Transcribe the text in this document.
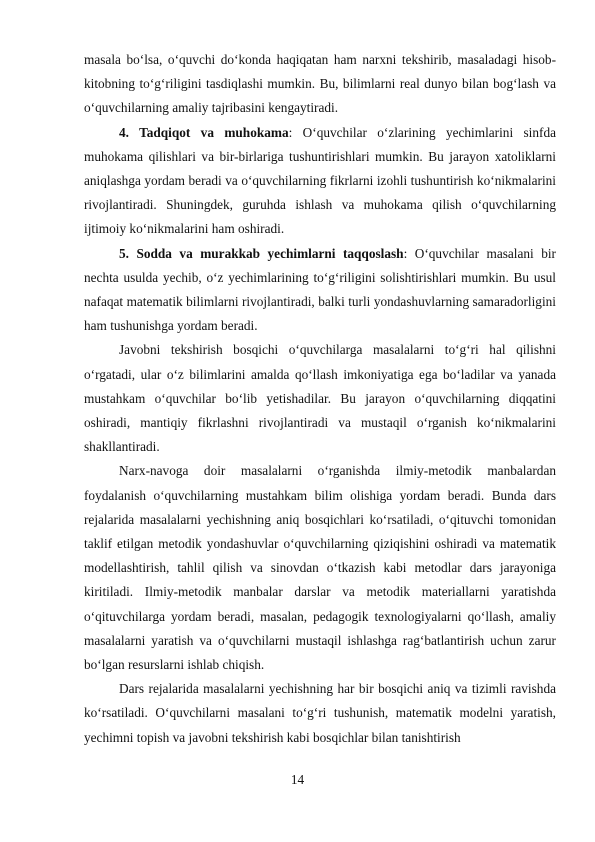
masala bo‘lsa, o‘quvchi do‘konda haqiqatan ham narxni tekshirib, masaladagi hisob-kitobning to‘g‘riligini tasdiqlashi mumkin. Bu, bilimlarni real dunyo bilan bog‘lash va o‘quvchilarning amaliy tajribasini kengaytiradi.

4. Tadqiqot va muhokama: O‘quvchilar o‘zlarining yechimlarini sinfda muhokama qilishlari va bir-birlariga tushuntirishlari mumkin. Bu jarayon xatoliklarni aniqlashga yordam beradi va o‘quvchilarning fikrlarni izohli tushuntirish ko‘nikmalarini rivojlantiradi. Shuningdek, guruhda ishlash va muhokama qilish o‘quvchilarning ijtimoiy ko‘nikmalarini ham oshiradi.

5. Sodda va murakkab yechimlarni taqqoslash: O‘quvchilar masalani bir nechta usulda yechib, o‘z yechimlarining to‘g‘riligini solishtirishlari mumkin. Bu usul nafaqat matematik bilimlarni rivojlantiradi, balki turli yondashuvlarning samaradorligini ham tushunishga yordam beradi.

Javobni tekshirish bosqichi o‘quvchilarga masalalarni to‘g‘ri hal qilishni o‘rgatadi, ular o‘z bilimlarini amalda qo‘llash imkoniyatiga ega bo‘ladilar va yanada mustahkam o‘quvchilar bo‘lib yetishadilar. Bu jarayon o‘quvchilarning diqqatini oshiradi, mantiqiy fikrlashni rivojlantiradi va mustaqil o‘rganish ko‘nikmalarini shakllantiradi.

Narx-navoga doir masalalarni o‘rganishda ilmiy-metodik manbalardan foydalanish o‘quvchilarning mustahkam bilim olishiga yordam beradi. Bunda dars rejalarida masalalarni yechishning aniq bosqichlari ko‘rsatiladi, o‘qituvchi tomonidan taklif etilgan metodik yondashuvlar o‘quvchilarning qiziqishini oshiradi va matematik modellashtirish, tahlil qilish va sinovdan o‘tkazish kabi metodlar dars jarayoniga kiritiladi. Ilmiy-metodik manbalar darslar va metodik materiallarni yaratishda o‘qituvchilarga yordam beradi, masalan, pedagogik texnologiyalarni qo‘llash, amaliy masalalarni yaratish va o‘quvchilarni mustaqil ishlashga rag‘batlantirish uchun zarur bo‘lgan resurslarni ishlab chiqish.

Dars rejalarida masalalarni yechishning har bir bosqichi aniq va tizimli ravishda ko‘rsatiladi. O‘quvchilarni masalani to‘g‘ri tushunish, matematik modelni yaratish, yechimni topish va javobni tekshirish kabi bosqichlar bilan tanishtirish

14
